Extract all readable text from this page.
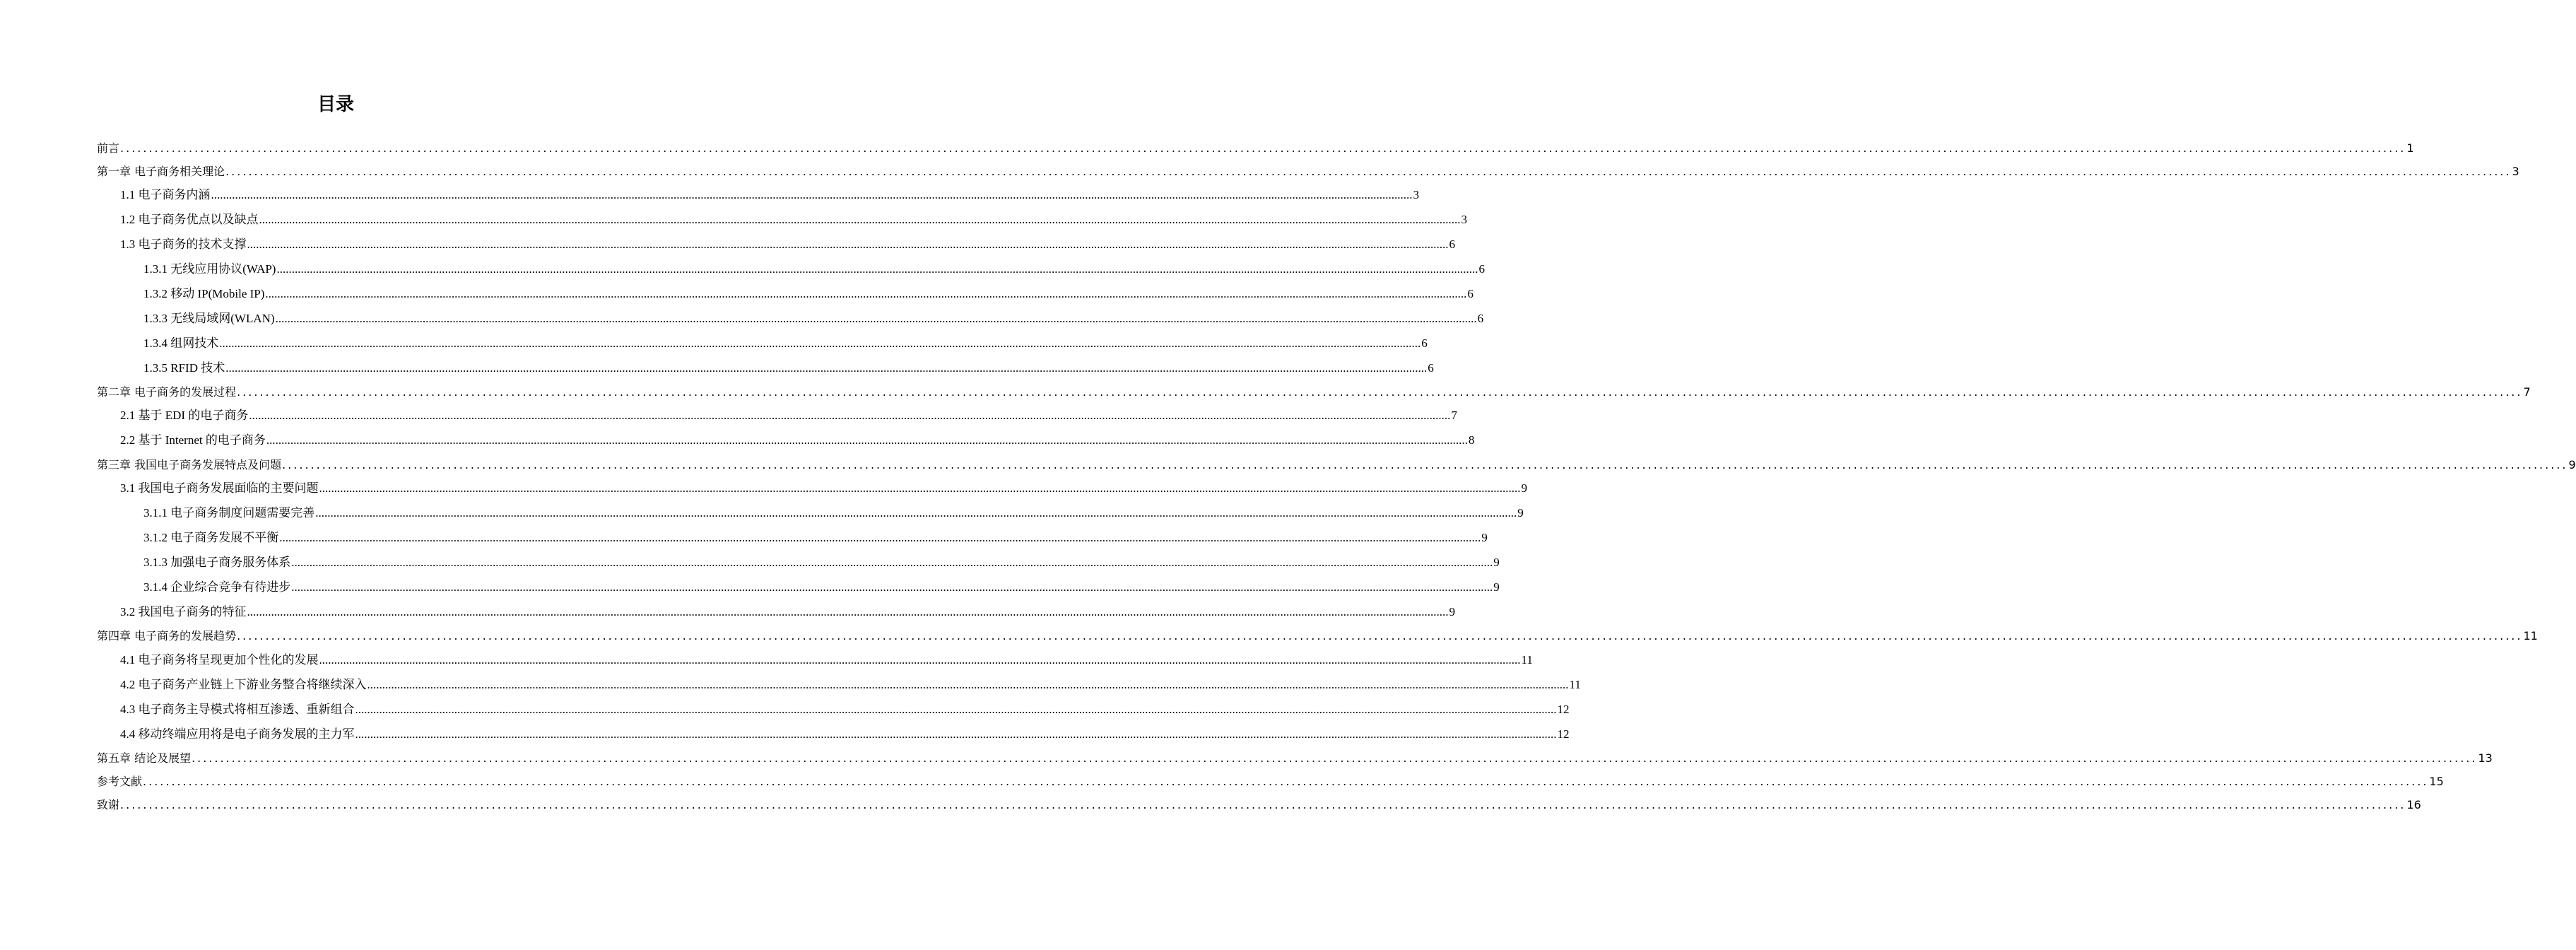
目录
前言 ................................................................................................................................................................................................................................................................................................................................................................................................................ 1
第一章 电子商务相关理论 ................................................................................................................................................................................................................................................................................................................................................................................................................ 3
1.1 电子商务内涵 ................................................................................................................................................................................................................................................................................................................................................................................................................ 3
1.2 电子商务优点以及缺点 ................................................................................................................................................................................................................................................................................................................................................................................................................ 3
1.3 电子商务的技术支撑 ................................................................................................................................................................................................................................................................................................................................................................................................................ 6
1.3.1 无线应用协议(WAP) ................................................................................................................................................................................................................................................................................................................................................................................................................ 6
1.3.2 移动 IP(Mobile IP) ................................................................................................................................................................................................................................................................................................................................................................................................................ 6
1.3.3 无线局域网(WLAN) ................................................................................................................................................................................................................................................................................................................................................................................................................ 6
1.3.4 组网技术 ................................................................................................................................................................................................................................................................................................................................................................................................................ 6
1.3.5 RFID 技术 ................................................................................................................................................................................................................................................................................................................................................................................................................ 6
第二章 电子商务的发展过程 ................................................................................................................................................................................................................................................................................................................................................................................................................ 7
2.1 基于 EDI 的电子商务 ................................................................................................................................................................................................................................................................................................................................................................................................................ 7
2.2 基于 Internet 的电子商务 ................................................................................................................................................................................................................................................................................................................................................................................................................ 8
第三章 我国电子商务发展特点及问题 ................................................................................................................................................................................................................................................................................................................................................................................................................ 9
3.1 我国电子商务发展面临的主要问题 ................................................................................................................................................................................................................................................................................................................................................................................................................ 9
3.1.1 电子商务制度问题需要完善 ................................................................................................................................................................................................................................................................................................................................................................................................................ 9
3.1.2 电子商务发展不平衡 ................................................................................................................................................................................................................................................................................................................................................................................................................ 9
3.1.3 加强电子商务服务体系 ................................................................................................................................................................................................................................................................................................................................................................................................................ 9
3.1.4 企业综合竞争有待进步 ................................................................................................................................................................................................................................................................................................................................................................................................................ 9
3.2 我国电子商务的特征 ................................................................................................................................................................................................................................................................................................................................................................................................................ 9
第四章 电子商务的发展趋势 ................................................................................................................................................................................................................................................................................................................................................................................................................ 11
4.1 电子商务将呈现更加个性化的发展 ................................................................................................................................................................................................................................................................................................................................................................................................................ 11
4.2 电子商务产业链上下游业务整合将继续深入 ................................................................................................................................................................................................................................................................................................................................................................................................................ 11
4.3 电子商务主导模式将相互渗透、重新组合 ................................................................................................................................................................................................................................................................................................................................................................................................................ 12
4.4 移动终端应用将是电子商务发展的主力军 ................................................................................................................................................................................................................................................................................................................................................................................................................ 12
第五章 结论及展望 ................................................................................................................................................................................................................................................................................................................................................................................................................ 13
参考文献 ................................................................................................................................................................................................................................................................................................................................................................................................................ 15
致谢 ................................................................................................................................................................................................................................................................................................................................................................................................................ 16
